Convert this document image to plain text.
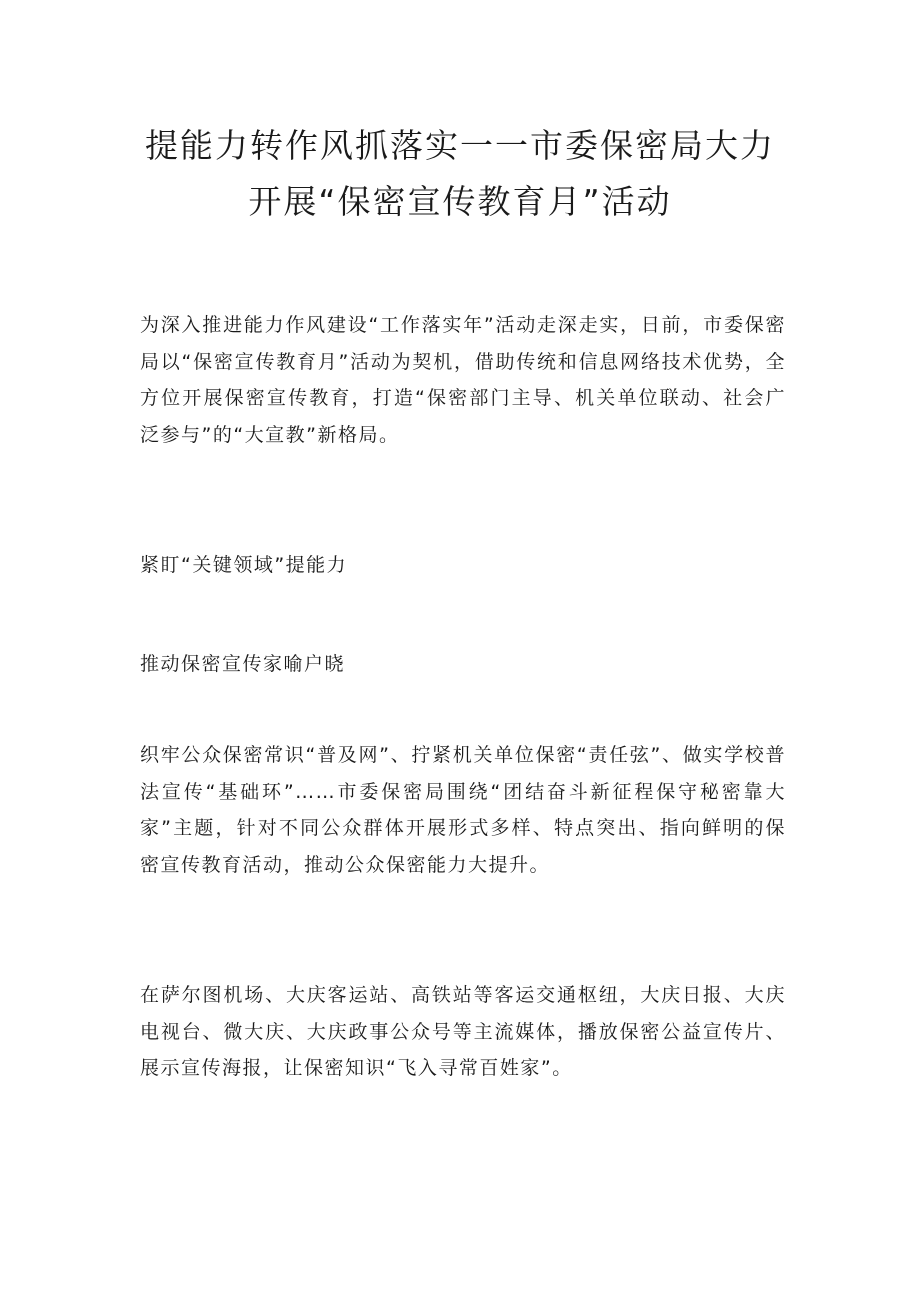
提能力转作风抓落实一一市委保密局大力
开展“保密宣传教育月”活动

为深入推进能力作风建设“工作落实年”活动走深走实，日前，市委保密局以“保密宣传教育月”活动为契机，借助传统和信息网络技术优势，全方位开展保密宣传教育，打造“保密部门主导、机关单位联动、社会广泛参与”的“大宣教”新格局。

紧盯“关键领域”提能力

推动保密宣传家喻户晓

织牢公众保密常识“普及网”、拧紧机关单位保密“责任弦”、做实学校普法宣传“基础环”……市委保密局围绕“团结奋斗新征程保守秘密靠大家”主题，针对不同公众群体开展形式多样、特点突出、指向鲜明的保密宣传教育活动，推动公众保密能力大提升。

在萨尔图机场、大庆客运站、高铁站等客运交通枢纽，大庆日报、大庆电视台、微大庆、大庆政事公众号等主流媒体，播放保密公益宣传片、展示宣传海报，让保密知识“飞入寻常百姓家”。
